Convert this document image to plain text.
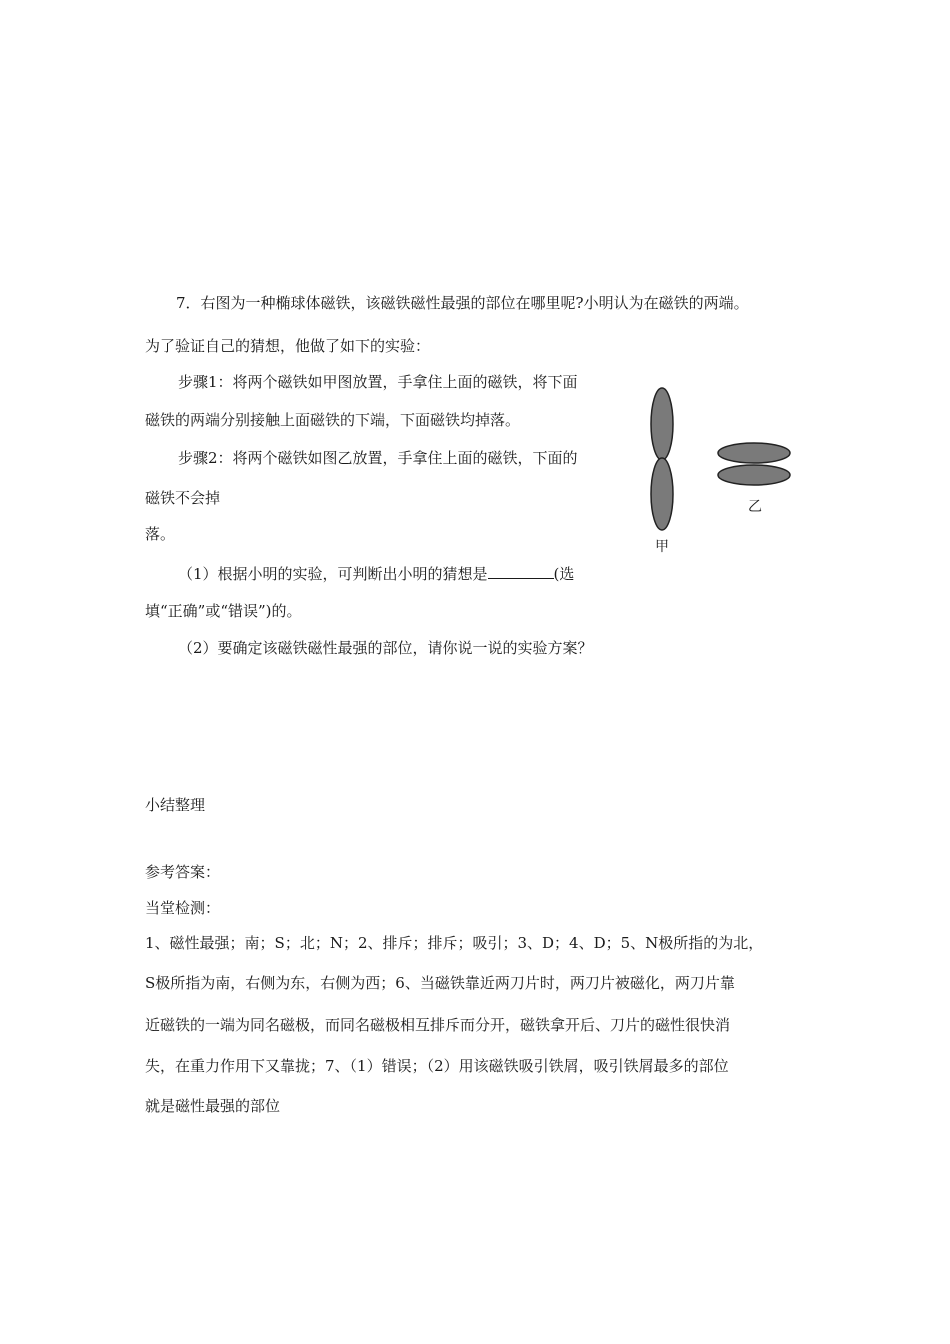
7．右图为一种椭球体磁铁，该磁铁磁性最强的部位在哪里呢?小明认为在磁铁的两端。
为了验证自己的猜想，他做了如下的实验：
步骤1：将两个磁铁如甲图放置，手拿住上面的磁铁，将下面
磁铁的两端分别接触上面磁铁的下端，下面磁铁均掉落。
步骤2：将两个磁铁如图乙放置，手拿住上面的磁铁，下面的
磁铁不会掉
落。
（1）根据小明的实验，可判断出小明的猜想是	(选
填“正确”或“错误”)的。
（2）要确定该磁铁磁性最强的部位，请你说一说的实验方案？
甲
乙
小结整理
参考答案：
当堂检测：
1、磁性最强；南；S；北；N；2、排斥；排斥；吸引；3、D；4、D；5、N极所指的为北，
S极所指为南，右侧为东，右侧为西；6、当磁铁靠近两刀片时，两刀片被磁化，两刀片靠
近磁铁的一端为同名磁极，而同名磁极相互排斥而分开，磁铁拿开后、刀片的磁性很快消
失，在重力作用下又靠拢；7、（1）错误；（2）用该磁铁吸引铁屑，吸引铁屑最多的部位
就是磁性最强的部位
